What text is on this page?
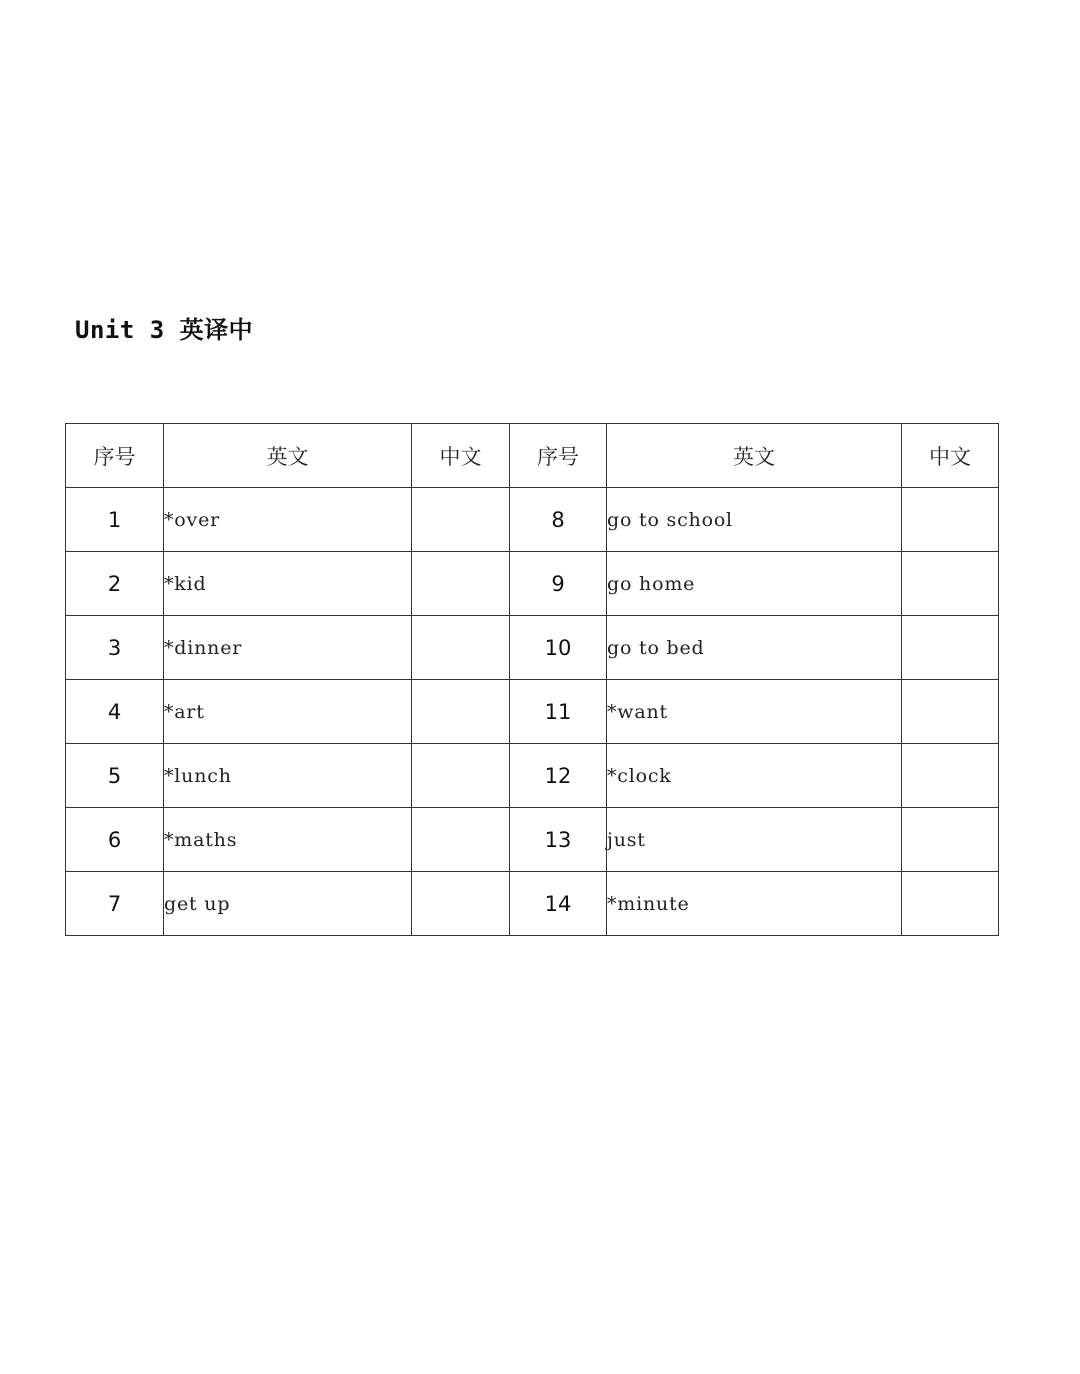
Unit 3 英译中
序号	英文	中文	序号	英文	中文
1	*over		8	go to school	
2	*kid		9	go home	
3	*dinner		10	go to bed	
4	*art		11	*want	
5	*lunch		12	*clock	
6	*maths		13	just	
7	get up		14	*minute	
